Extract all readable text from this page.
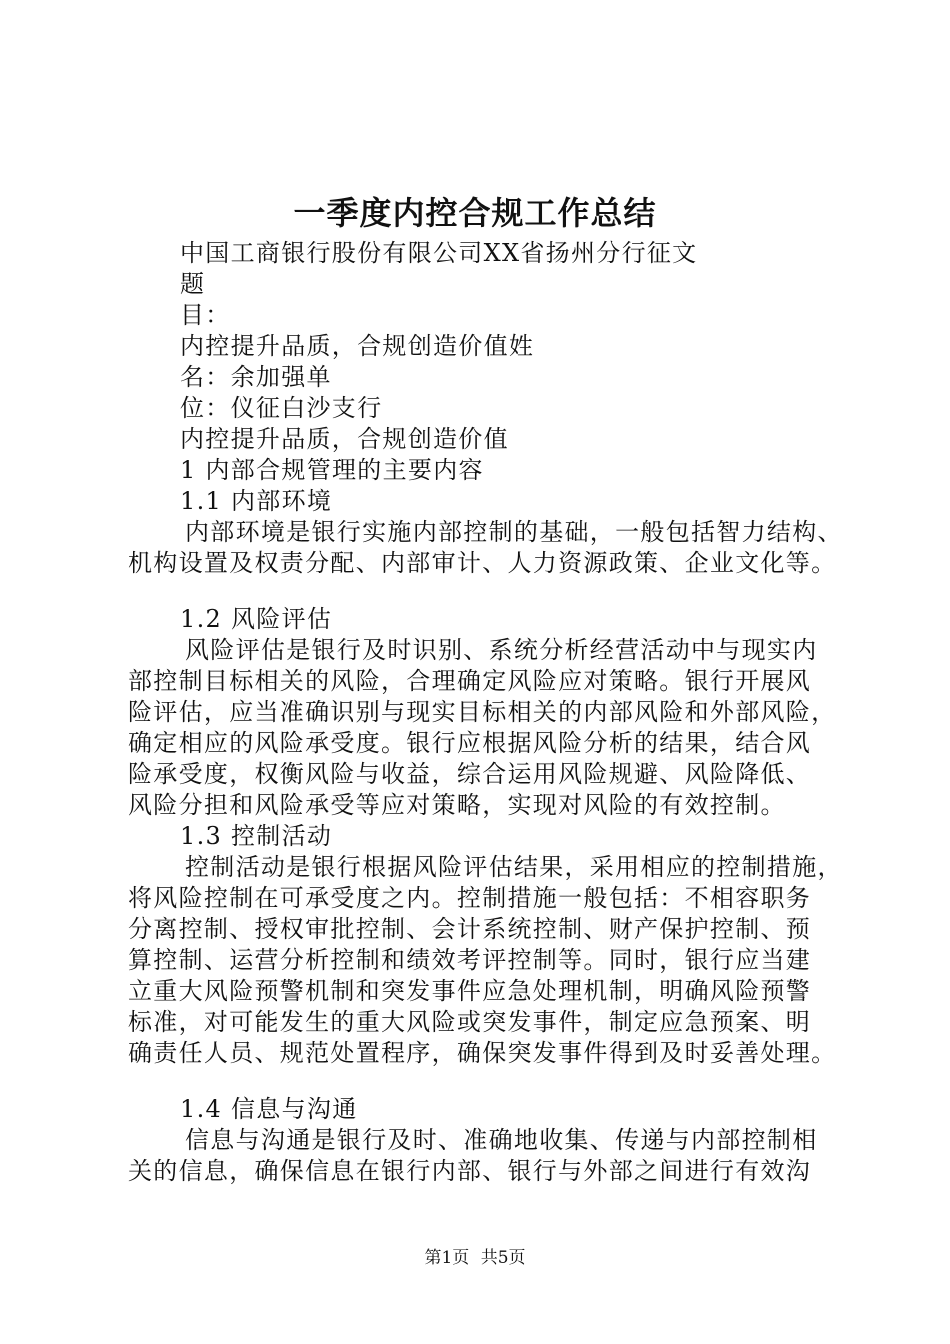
一季度内控合规工作总结
中国工商银行股份有限公司XX省扬州分行征文
题
目：
内控提升品质，合规创造价值姓
名：余加强单
位：仪征白沙支行
内控提升品质，合规创造价值
1 内部合规管理的主要内容
1.1 内部环境
内部环境是银行实施内部控制的基础，一般包括智力结构、
机构设置及权责分配、内部审计、人力资源政策、企业文化等。
1.2 风险评估
风险评估是银行及时识别、系统分析经营活动中与现实内
部控制目标相关的风险，合理确定风险应对策略。银行开展风
险评估，应当准确识别与现实目标相关的内部风险和外部风险，
确定相应的风险承受度。银行应根据风险分析的结果，结合风
险承受度，权衡风险与收益，综合运用风险规避、风险降低、
风险分担和风险承受等应对策略，实现对风险的有效控制。
1.3 控制活动
控制活动是银行根据风险评估结果，采用相应的控制措施，
将风险控制在可承受度之内。控制措施一般包括：不相容职务
分离控制、授权审批控制、会计系统控制、财产保护控制、预
算控制、运营分析控制和绩效考评控制等。同时，银行应当建
立重大风险预警机制和突发事件应急处理机制，明确风险预警
标准，对可能发生的重大风险或突发事件，制定应急预案、明
确责任人员、规范处置程序，确保突发事件得到及时妥善处理。
1.4 信息与沟通
信息与沟通是银行及时、准确地收集、传递与内部控制相
关的信息，确保信息在银行内部、银行与外部之间进行有效沟
第1页 共5页
